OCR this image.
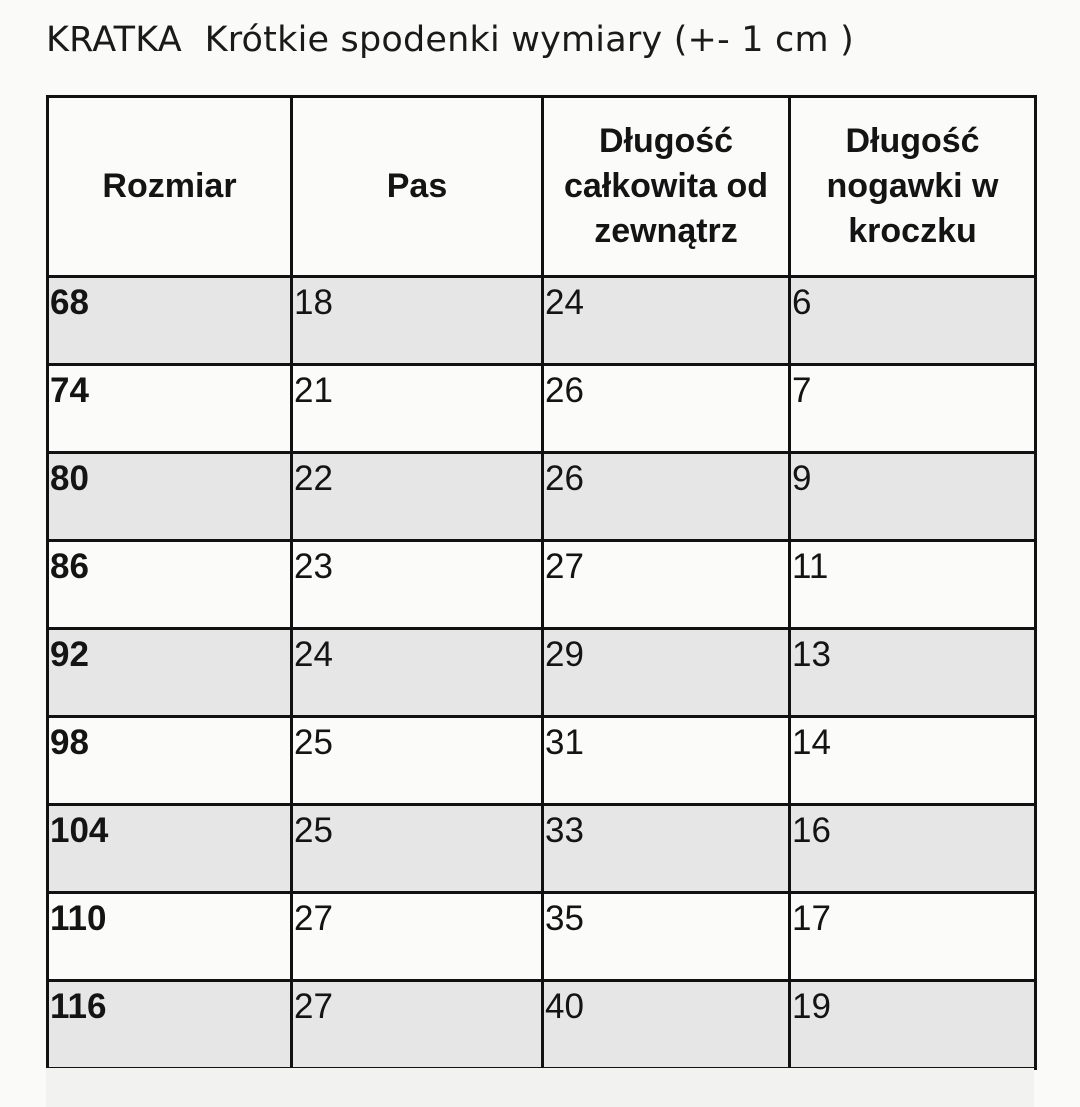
KRATKA  Krótkie spodenki wymiary (+- 1 cm )
Rozmiar	Pas	Długość całkowita od zewnątrz	Długość nogawki w kroczku
68	18	24	6
74	21	26	7
80	22	26	9
86	23	27	11
92	24	29	13
98	25	31	14
104	25	33	16
110	27	35	17
116	27	40	19
